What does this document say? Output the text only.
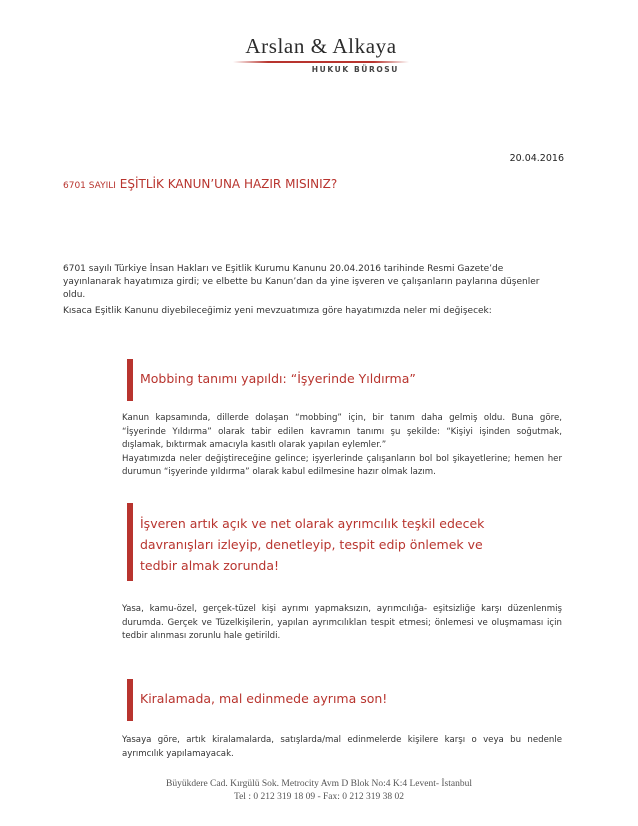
Arslan & Alkaya
HUKUK BÜROSU
20.04.2016
6701 SAYILI EŞİTLİK KANUN’UNA HAZIR MISINIZ?

6701 sayılı Türkiye İnsan Hakları ve Eşitlik Kurumu Kanunu 20.04.2016 tarihinde Resmi Gazete’de yayınlanarak hayatımıza girdi; ve elbette bu Kanun’dan da yine işveren ve çalışanların paylarına düşenler oldu.

Kısaca Eşitlik Kanunu diyebileceğimiz yeni mevzuatımıza göre hayatımızda neler mi değişecek:

Mobbing tanımı yapıldı: “İşyerinde Yıldırma”
Kanun kapsamında, dillerde dolaşan “mobbing” için, bir tanım daha gelmiş oldu. Buna göre, “İşyerinde Yıldırma” olarak tabir edilen kavramın tanımı şu şekilde: “Kişiyi işinden soğutmak, dışlamak, bıktırmak amacıyla kasıtlı olarak yapılan eylemler.”
Hayatımızda neler değiştireceğine gelince; işyerlerinde çalışanların bol bol şikayetlerine; hemen her durumun “işyerinde yıldırma” olarak kabul edilmesine hazır olmak lazım.
İşveren artık açık ve net olarak ayrımcılık teşkil edecek
davranışları izleyip, denetleyip, tespit edip önlemek ve
tedbir almak zorunda!
Yasa, kamu-özel, gerçek-tüzel kişi ayrımı yapmaksızın, ayrımcılığa- eşitsizliğe karşı düzenlenmiş durumda. Gerçek ve Tüzelkişilerin, yapılan ayrımcılıklan tespit etmesi; önlemesi ve oluşmaması için tedbir alınması zorunlu hale getirildi.
Kiralamada, mal edinmede ayrıma son!
Yasaya göre, artık kiralamalarda, satışlarda/mal edinmelerde kişilere karşı o veya bu nedenle ayrımcılık yapılamayacak.
Büyükdere Cad. Kırgülü Sok. Metrocity Avm D Blok No:4 K:4 Levent- İstanbul
Tel : 0 212 319 18 09 - Fax: 0 212 319 38 02
